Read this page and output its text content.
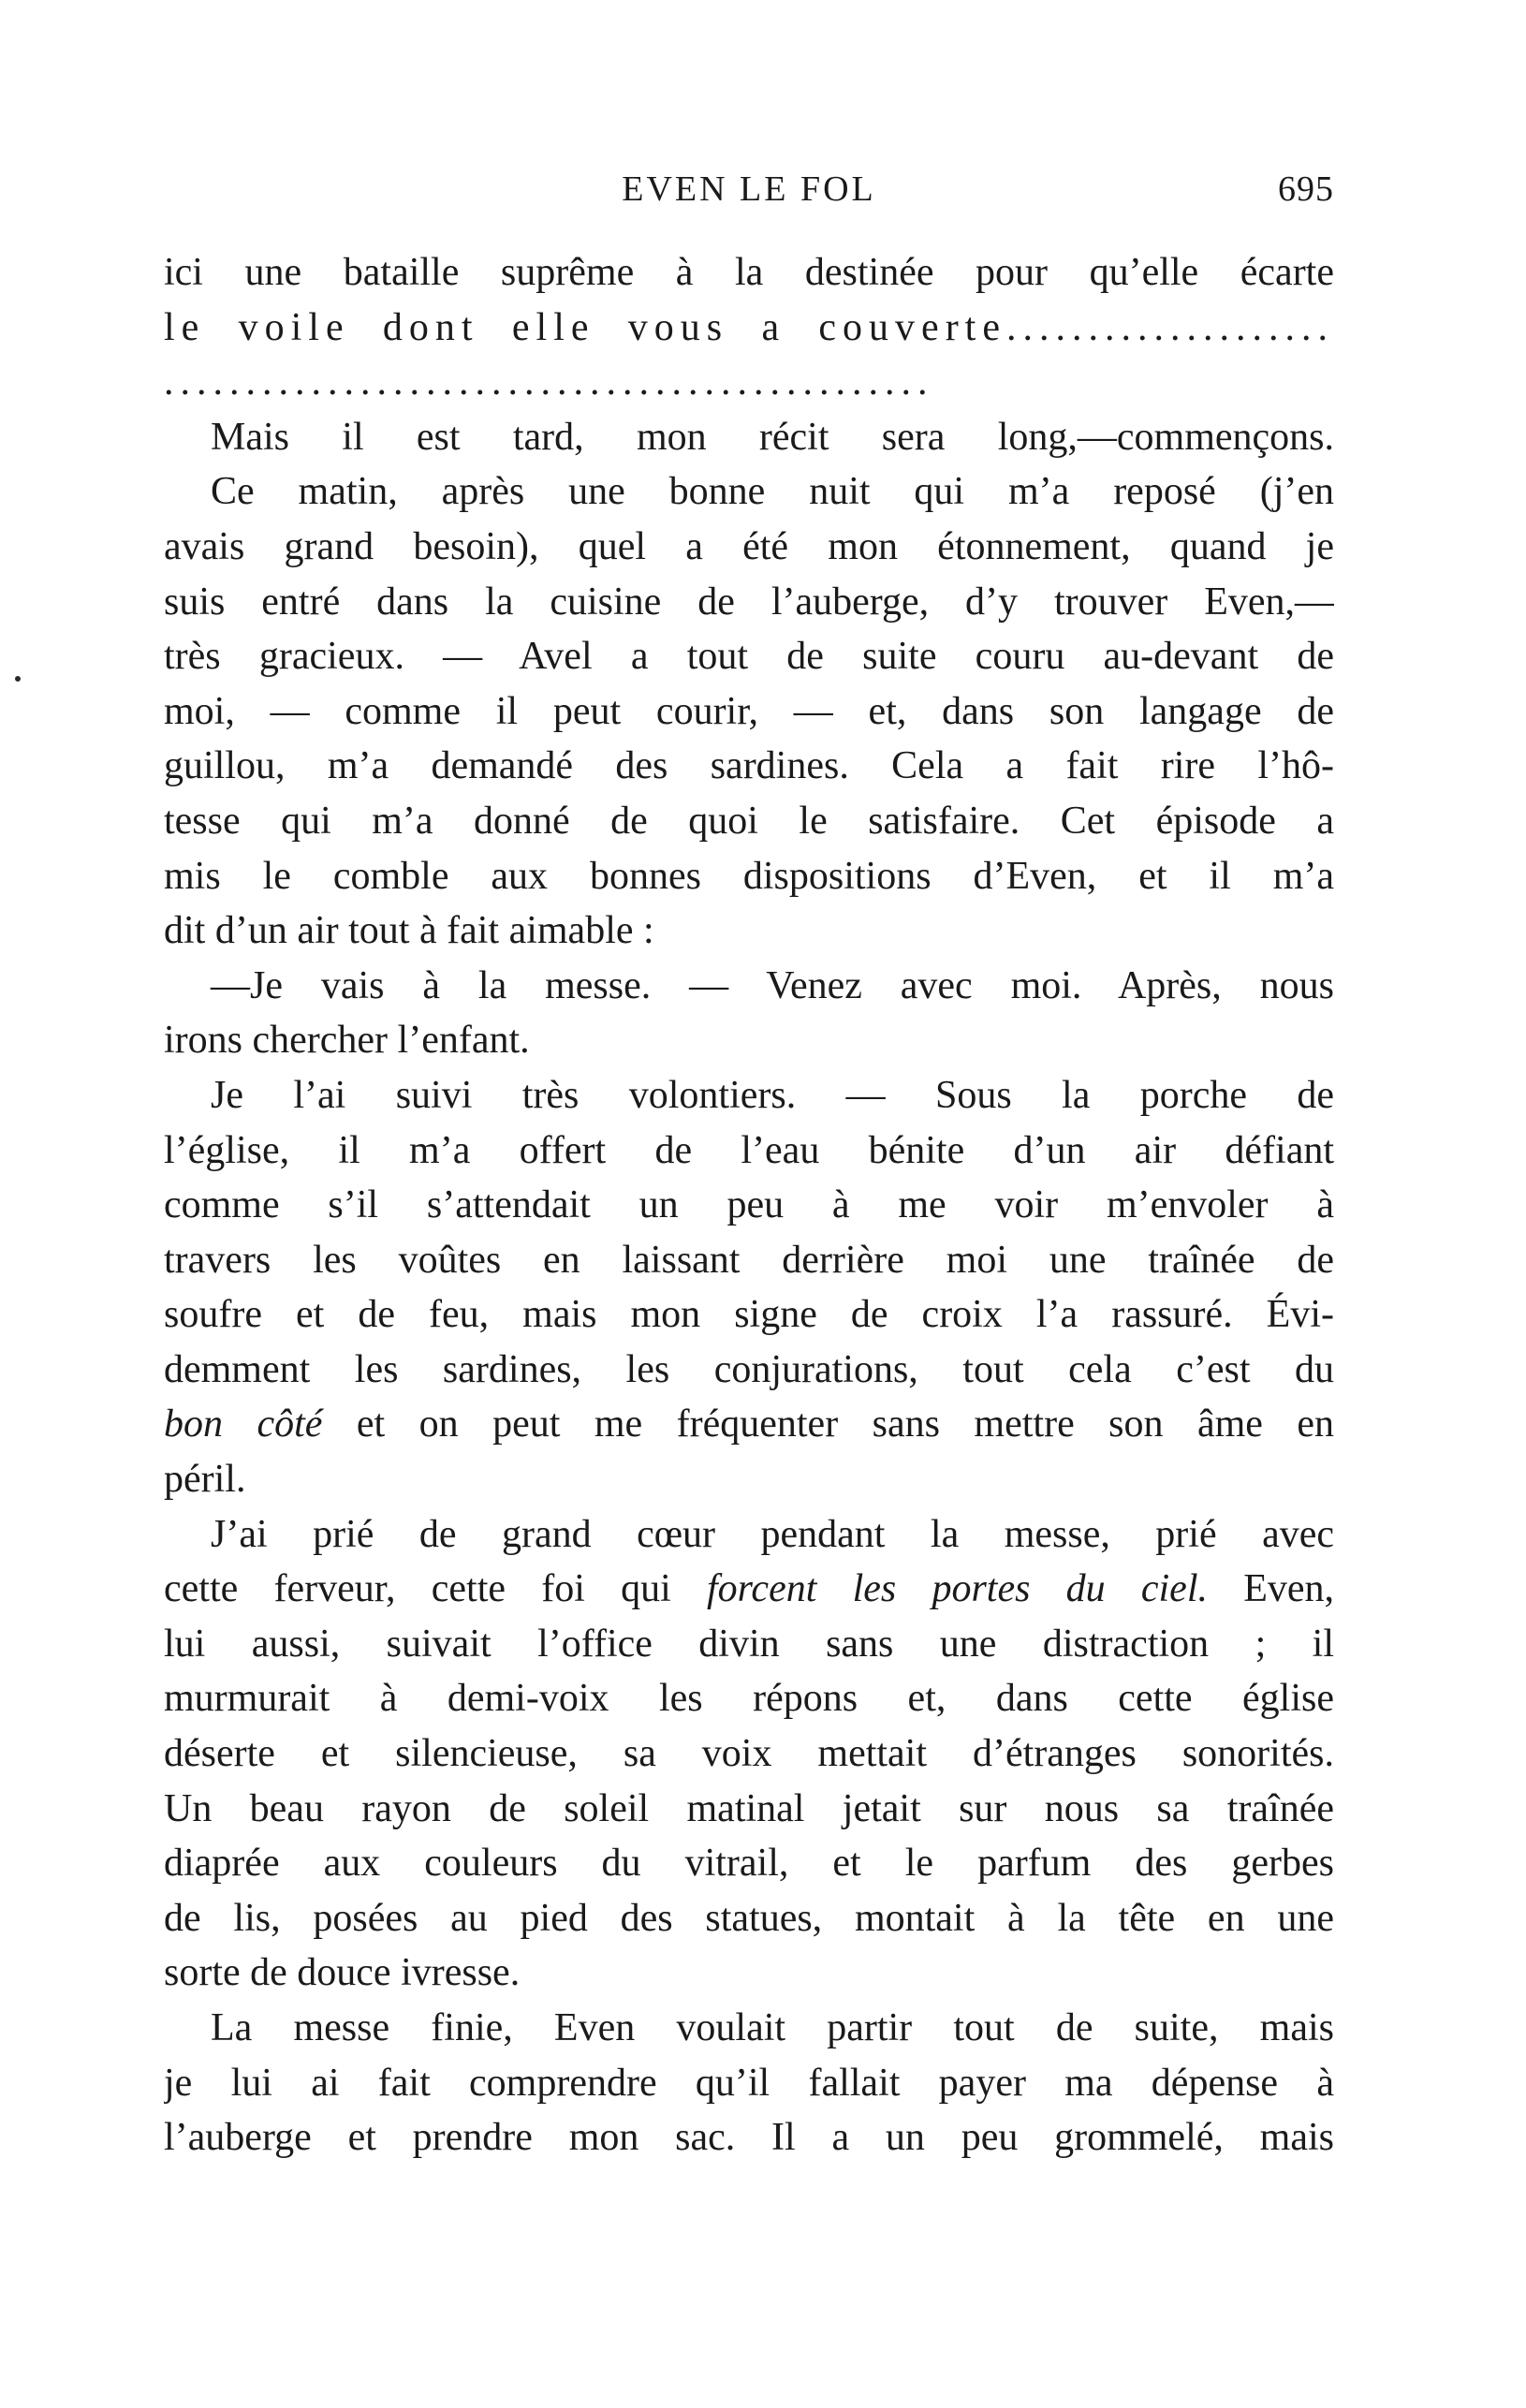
EVEN LE FOL	695
ici une bataille suprême à la destinée pour qu’elle écarte
le voile dont elle vous a couverte....................
...............................................
Mais il est tard, mon récit sera long,—commençons.
Ce matin, après une bonne nuit qui m’a reposé (j’en
avais grand besoin), quel a été mon étonnement, quand je
suis entré dans la cuisine de l’auberge, d’y trouver Even,—
très gracieux. — Avel a tout de suite couru au-devant de
moi, — comme il peut courir, — et, dans son langage de
guillou, m’a demandé des sardines. Cela a fait rire l’hô-
tesse qui m’a donné de quoi le satisfaire. Cet épisode a
mis le comble aux bonnes dispositions d’Even, et il m’a
dit d’un air tout à fait aimable :
—Je vais à la messe. — Venez avec moi. Après, nous
irons chercher l’enfant.
Je l’ai suivi très volontiers. — Sous la porche de
l’église, il m’a offert de l’eau bénite d’un air défiant
comme s’il s’attendait un peu à me voir m’envoler à
travers les voûtes en laissant derrière moi une traînée de
soufre et de feu, mais mon signe de croix l’a rassuré. Évi-
demment les sardines, les conjurations, tout cela c’est du
bon côté et on peut me fréquenter sans mettre son âme en
péril.
J’ai prié de grand cœur pendant la messe, prié avec
cette ferveur, cette foi qui forcent les portes du ciel. Even,
lui aussi, suivait l’office divin sans une distraction ; il
murmurait à demi-voix les répons et, dans cette église
déserte et silencieuse, sa voix mettait d’étranges sonorités.
Un beau rayon de soleil matinal jetait sur nous sa traînée
diaprée aux couleurs du vitrail, et le parfum des gerbes
de lis, posées au pied des statues, montait à la tête en une
sorte de douce ivresse.
La messe finie, Even voulait partir tout de suite, mais
je lui ai fait comprendre qu’il fallait payer ma dépense à
l’auberge et prendre mon sac. Il a un peu grommelé, mais
